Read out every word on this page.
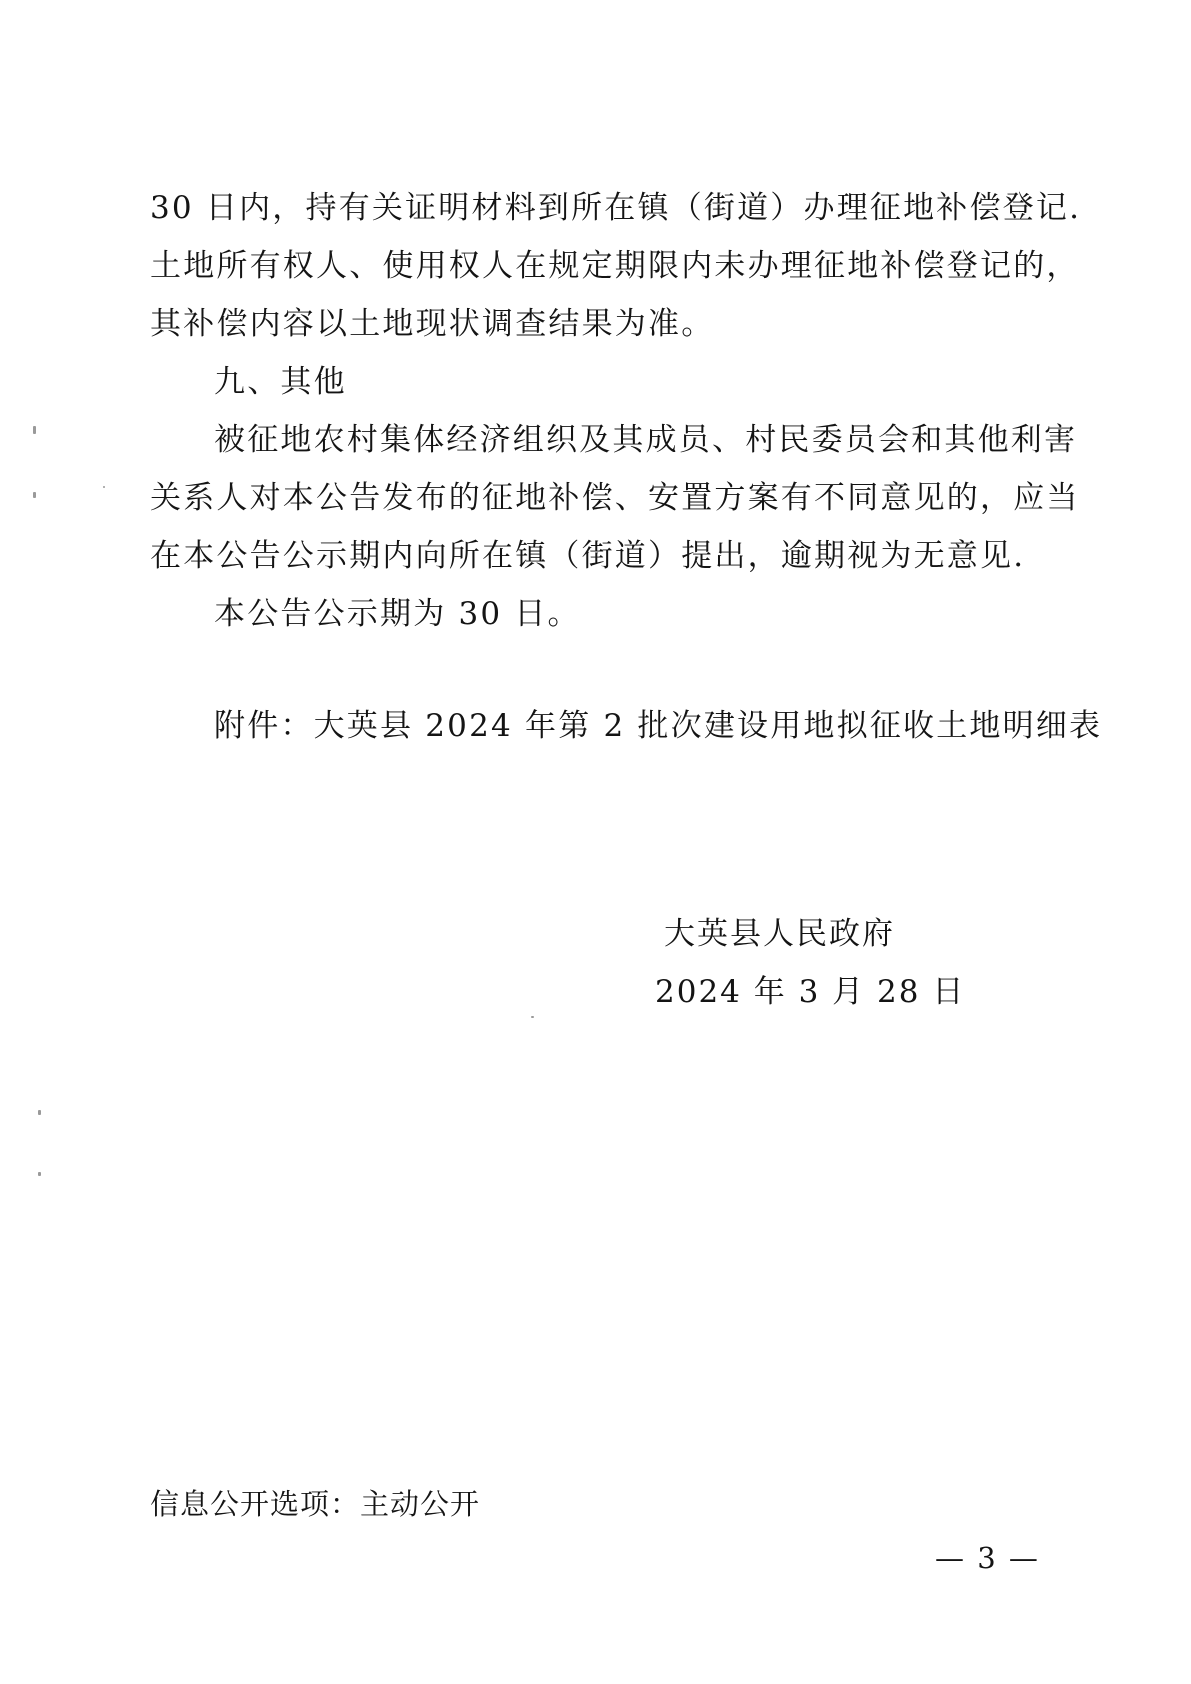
30 日内，持有关证明材料到所在镇（街道）办理征地补偿登记.
土地所有权人、使用权人在规定期限内未办理征地补偿登记的，
其补偿内容以土地现状调查结果为准。
九、其他
被征地农村集体经济组织及其成员、村民委员会和其他利害
关系人对本公告发布的征地补偿、安置方案有不同意见的，应当
在本公告公示期内向所在镇（街道）提出，逾期视为无意见.
本公告公示期为 30 日。
附件：大英县 2024 年第 2 批次建设用地拟征收土地明细表
大英县人民政府
2024 年 3 月 28 日
信息公开选项：主动公开
— 3 —
